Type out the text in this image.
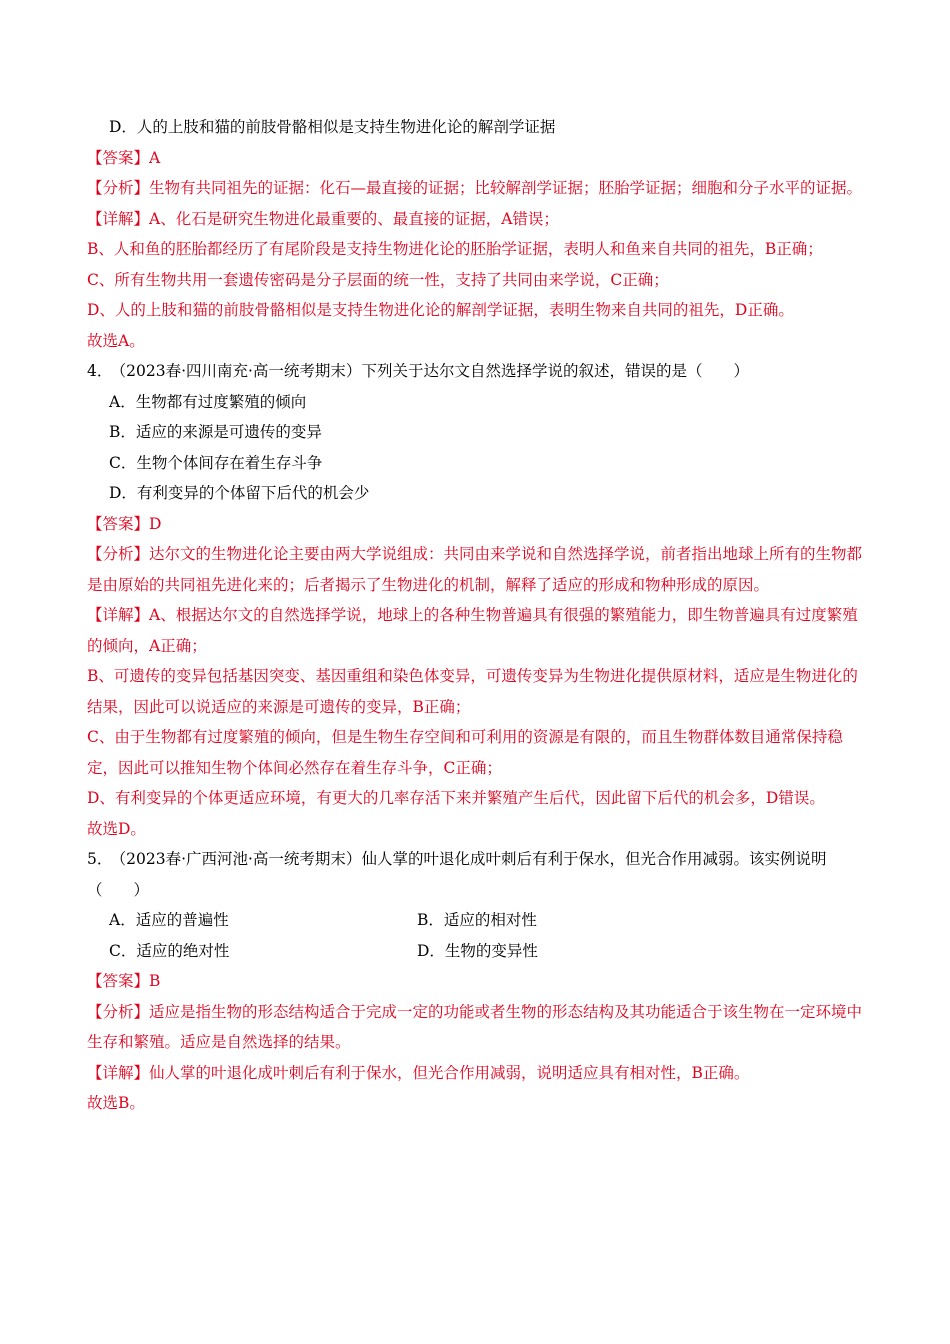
D．人的上肢和猫的前肢骨骼相似是支持生物进化论的解剖学证据

【答案】A

【分析】生物有共同祖先的证据：化石—最直接的证据；比较解剖学证据；胚胎学证据；细胞和分子水平的证据。

【详解】A、化石是研究生物进化最重要的、最直接的证据，A错误；

B、人和鱼的胚胎都经历了有尾阶段是支持生物进化论的胚胎学证据，表明人和鱼来自共同的祖先，B正确；

C、所有生物共用一套遗传密码是分子层面的统一性，支持了共同由来学说，C正确；

D、人的上肢和猫的前肢骨骼相似是支持生物进化论的解剖学证据，表明生物来自共同的祖先，D正确。

故选A。

4． （2023春·四川南充·高一统考期末）下列关于达尔文自然选择学说的叙述，错误的是（　　）

A．生物都有过度繁殖的倾向

B．适应的来源是可遗传的变异

C．生物个体间存在着生存斗争

D．有利变异的个体留下后代的机会少

【答案】D

【分析】达尔文的生物进化论主要由两大学说组成：共同由来学说和自然选择学说，前者指出地球上所有的生物都是由原始的共同祖先进化来的；后者揭示了生物进化的机制，解释了适应的形成和物种形成的原因。

【详解】A、根据达尔文的自然选择学说，地球上的各种生物普遍具有很强的繁殖能力，即生物普遍具有过度繁殖的倾向，A正确；

B、可遗传的变异包括基因突变、基因重组和染色体变异，可遗传变异为生物进化提供原材料，适应是生物进化的结果，因此可以说适应的来源是可遗传的变异，B正确；

C、由于生物都有过度繁殖的倾向，但是生物生存空间和可利用的资源是有限的，而且生物群体数目通常保持稳定，因此可以推知生物个体间必然存在着生存斗争，C正确；

D、有利变异的个体更适应环境，有更大的几率存活下来并繁殖产生后代，因此留下后代的机会多，D错误。

故选D。

5． （2023春·广西河池·高一统考期末）仙人掌的叶退化成叶刺后有利于保水，但光合作用减弱。该实例说明（　　）

A．适应的普遍性	B．适应的相对性
C．适应的绝对性	D．生物的变异性

【答案】B

【分析】适应是指生物的形态结构适合于完成一定的功能或者生物的形态结构及其功能适合于该生物在一定环境中生存和繁殖。适应是自然选择的结果。

【详解】仙人掌的叶退化成叶刺后有利于保水，但光合作用减弱，说明适应具有相对性，B正确。

故选B。
